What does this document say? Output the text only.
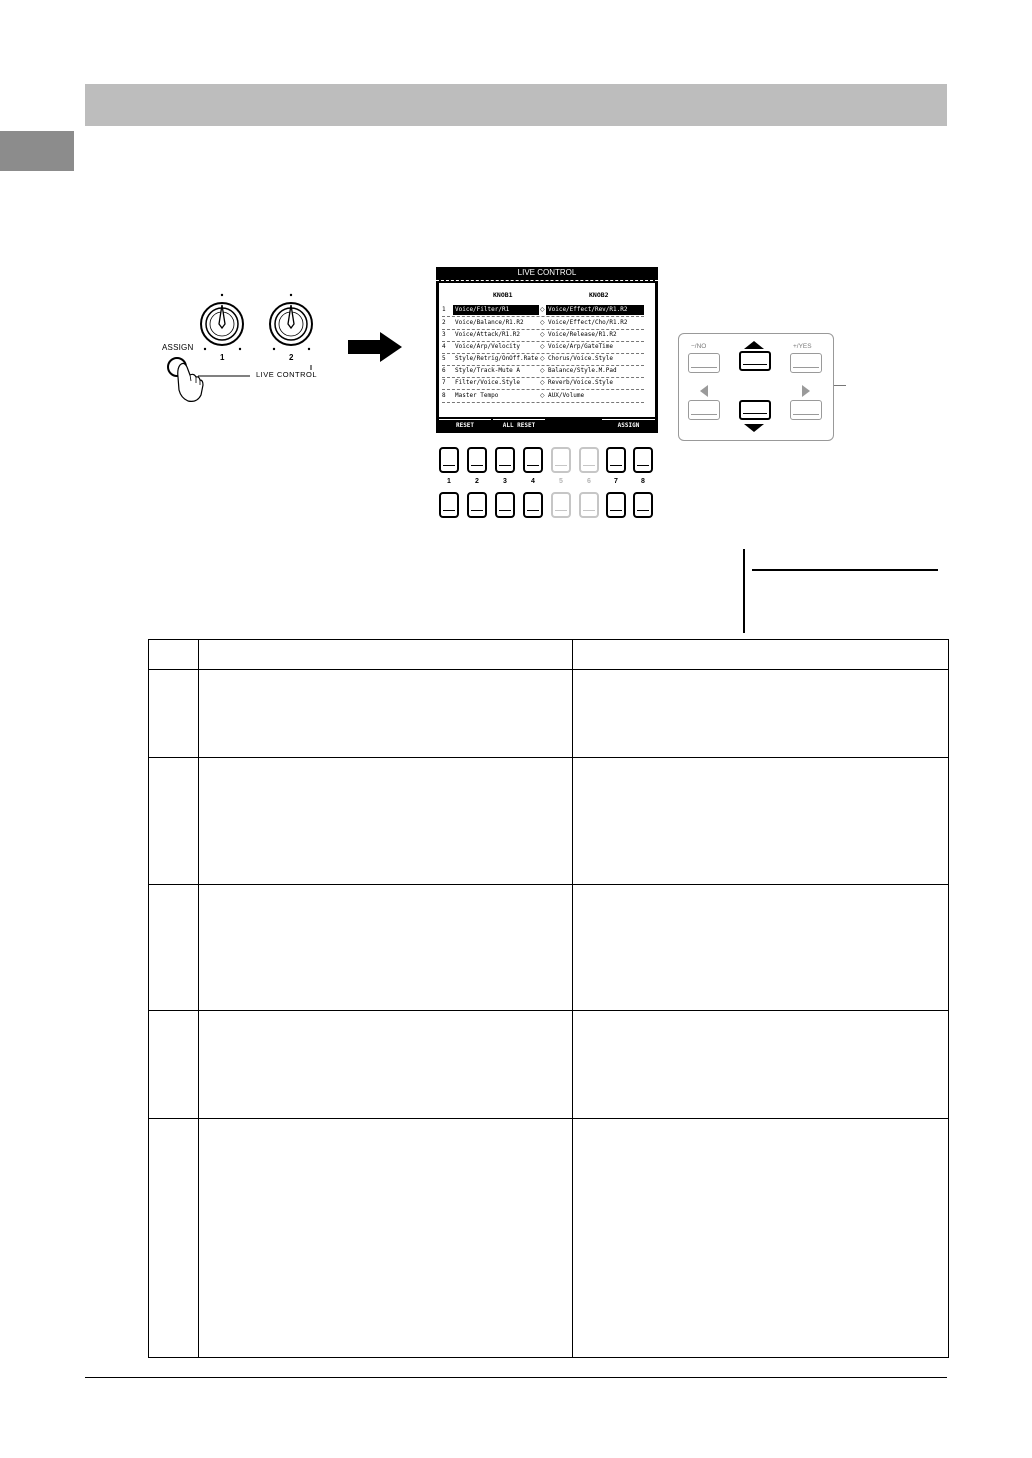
ASSIGN
1	2
LIVE CONTROL
LIVE CONTROL
KNOB1	KNOB2
1	Voice/Filter/R1	◇ Voice/Effect/Rev/R1.R2
2	Voice/Balance/R1.R2	◇ Voice/Effect/Cho/R1.R2
3	Voice/Attack/R1.R2	◇ Voice/Release/R1.R2
4	Voice/Arp/Velocity	◇ Voice/Arp/GateTime
5	Style/Retrig/OnOff.Rate ◇ Chorus/Voice.Style
6	Style/Track-Mute A	◇ Balance/Style.M.Pad
7	Filter/Voice.Style	◇ Reverb/Voice.Style
8	Master Tempo	◇ AUX/Volume
RESET	ALL RESET	ASSIGN
1	2	3	4	5	6	7	8
−/NO	+/YES
